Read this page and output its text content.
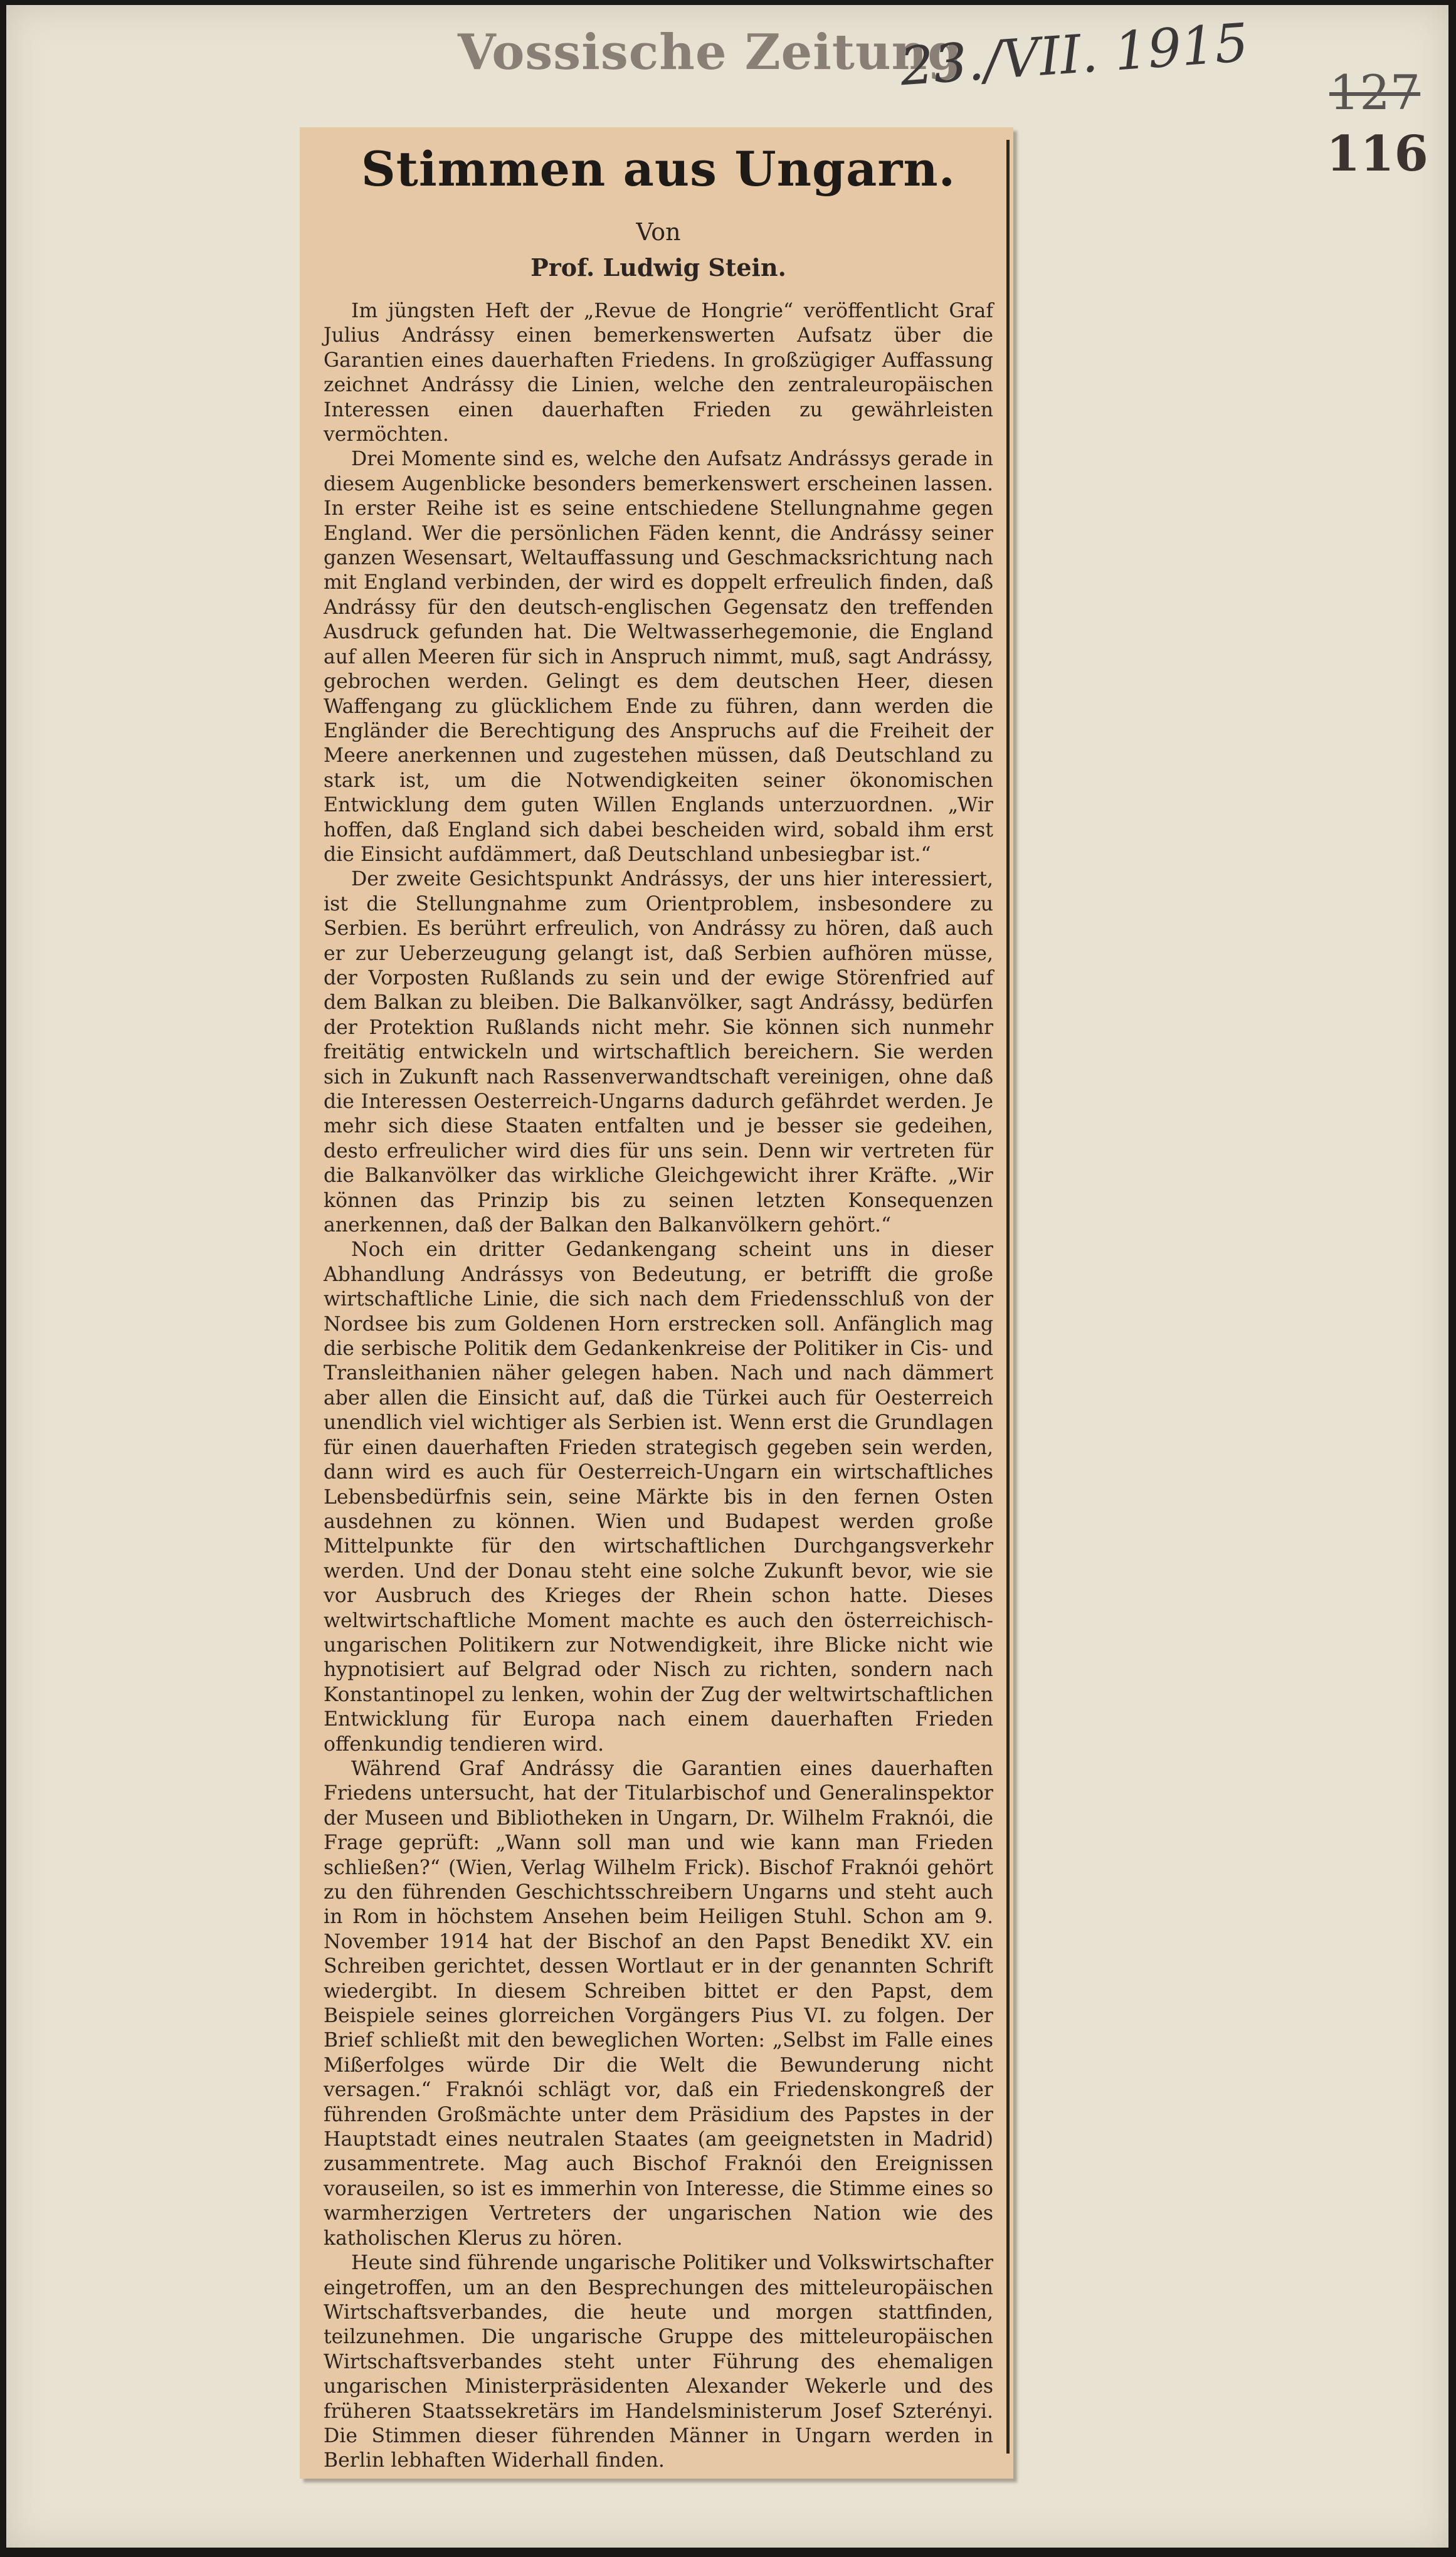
Vossische Zeitung
23./VII. 1915 127
116
Stimmen aus Ungarn.
Von
Prof. Ludwig Stein.

Im jüngsten Heft der „Revue de Hongrie“ veröffentlicht Graf Julius Andrássy einen bemerkenswerten Aufsatz über die Garantien eines dauerhaften Friedens. In großzügiger Auffassung zeichnet Andrássy die Linien, welche den zentraleuropäischen Interessen einen dauerhaften Frieden zu gewährleisten vermöchten.

Drei Momente sind es, welche den Aufsatz Andrássys gerade in diesem Augenblicke besonders bemerkenswert erscheinen lassen. In erster Reihe ist es seine entschiedene Stellungnahme gegen England. Wer die persönlichen Fäden kennt, die Andrássy seiner ganzen Wesensart, Weltauffassung und Geschmacksrichtung nach mit England verbinden, der wird es doppelt erfreulich finden, daß Andrássy für den deutsch-englischen Gegensatz den treffenden Ausdruck gefunden hat. Die Weltwasserhegemonie, die England auf allen Meeren für sich in Anspruch nimmt, muß, sagt Andrássy, gebrochen werden. Gelingt es dem deutschen Heer, diesen Waffengang zu glücklichem Ende zu führen, dann werden die Engländer die Berechtigung des Anspruchs auf die Freiheit der Meere anerkennen und zugestehen müssen, daß Deutschland zu stark ist, um die Notwendigkeiten seiner ökonomischen Entwicklung dem guten Willen Englands unterzuordnen. „Wir hoffen, daß England sich dabei bescheiden wird, sobald ihm erst die Einsicht aufdämmert, daß Deutschland unbesiegbar ist.“

Der zweite Gesichtspunkt Andrássys, der uns hier interessiert, ist die Stellungnahme zum Orientproblem, insbesondere zu Serbien. Es berührt erfreulich, von Andrássy zu hören, daß auch er zur Ueberzeugung gelangt ist, daß Serbien aufhören müsse, der Vorposten Rußlands zu sein und der ewige Störenfried auf dem Balkan zu bleiben. Die Balkanvölker, sagt Andrássy, bedürfen der Protektion Rußlands nicht mehr. Sie können sich nunmehr freitätig entwickeln und wirtschaftlich bereichern. Sie werden sich in Zukunft nach Rassenverwandtschaft vereinigen, ohne daß die Interessen Oesterreich-Ungarns dadurch gefährdet werden. Je mehr sich diese Staaten entfalten und je besser sie gedeihen, desto erfreulicher wird dies für uns sein. Denn wir vertreten für die Balkanvölker das wirkliche Gleichgewicht ihrer Kräfte. „Wir können das Prinzip bis zu seinen letzten Konsequenzen anerkennen, daß der Balkan den Balkanvölkern gehört.“

Noch ein dritter Gedankengang scheint uns in dieser Abhandlung Andrássys von Bedeutung, er betrifft die große wirtschaftliche Linie, die sich nach dem Friedensschluß von der Nordsee bis zum Goldenen Horn erstrecken soll. Anfänglich mag die serbische Politik dem Gedankenkreise der Politiker in Cis- und Transleithanien näher gelegen haben. Nach und nach dämmert aber allen die Einsicht auf, daß die Türkei auch für Oesterreich unendlich viel wichtiger als Serbien ist. Wenn erst die Grundlagen für einen dauerhaften Frieden strategisch gegeben sein werden, dann wird es auch für Oesterreich-Ungarn ein wirtschaftliches Lebensbedürfnis sein, seine Märkte bis in den fernen Osten ausdehnen zu können. Wien und Budapest werden große Mittelpunkte für den wirtschaftlichen Durchgangsverkehr werden. Und der Donau steht eine solche Zukunft bevor, wie sie vor Ausbruch des Krieges der Rhein schon hatte. Dieses weltwirtschaftliche Moment machte es auch den österreichisch-ungarischen Politikern zur Notwendigkeit, ihre Blicke nicht wie hypnotisiert auf Belgrad oder Nisch zu richten, sondern nach Konstantinopel zu lenken, wohin der Zug der weltwirtschaftlichen Entwicklung für Europa nach einem dauerhaften Frieden offenkundig tendieren wird.

Während Graf Andrássy die Garantien eines dauerhaften Friedens untersucht, hat der Titularbischof und Generalinspektor der Museen und Bibliotheken in Ungarn, Dr. Wilhelm Fraknói, die Frage geprüft: „Wann soll man und wie kann man Frieden schließen?“ (Wien, Verlag Wilhelm Frick). Bischof Fraknói gehört zu den führenden Geschichtsschreibern Ungarns und steht auch in Rom in höchstem Ansehen beim Heiligen Stuhl. Schon am 9. November 1914 hat der Bischof an den Papst Benedikt XV. ein Schreiben gerichtet, dessen Wortlaut er in der genannten Schrift wiedergibt. In diesem Schreiben bittet er den Papst, dem Beispiele seines glorreichen Vorgängers Pius VI. zu folgen. Der Brief schließt mit den beweglichen Worten: „Selbst im Falle eines Mißerfolges würde Dir die Welt die Bewunderung nicht versagen.“ Fraknói schlägt vor, daß ein Friedenskongreß der führenden Großmächte unter dem Präsidium des Papstes in der Hauptstadt eines neutralen Staates (am geeignetsten in Madrid) zusammentrete. Mag auch Bischof Fraknói den Ereignissen vorauseilen, so ist es immerhin von Interesse, die Stimme eines so warmherzigen Vertreters der ungarischen Nation wie des katholischen Klerus zu hören.

Heute sind führende ungarische Politiker und Volkswirtschafter eingetroffen, um an den Besprechungen des mitteleuropäischen Wirtschaftsverbandes, die heute und morgen stattfinden, teilzunehmen. Die ungarische Gruppe des mitteleuropäischen Wirtschaftsverbandes steht unter Führung des ehemaligen ungarischen Ministerpräsidenten Alexander Wekerle und des früheren Staatssekretärs im Handelsministerum Josef Szterényi. Die Stimmen dieser führenden Männer in Ungarn werden in Berlin lebhaften Widerhall finden.
